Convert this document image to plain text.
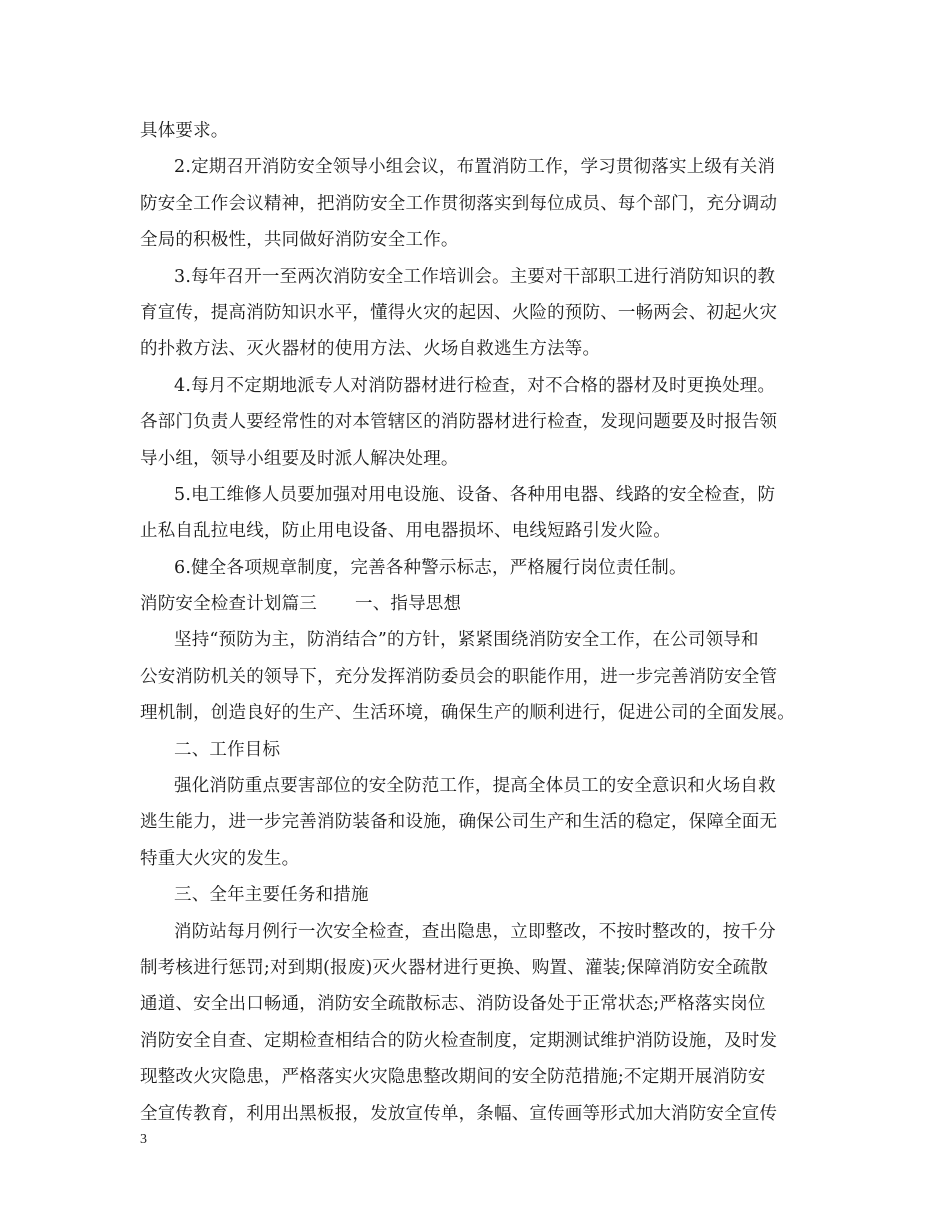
具体要求。
2.定期召开消防安全领导小组会议，布置消防工作，学习贯彻落实上级有关消
防安全工作会议精神，把消防安全工作贯彻落实到每位成员、每个部门，充分调动
全局的积极性，共同做好消防安全工作。
3.每年召开一至两次消防安全工作培训会。主要对干部职工进行消防知识的教
育宣传，提高消防知识水平，懂得火灾的起因、火险的预防、一畅两会、初起火灾
的扑救方法、灭火器材的使用方法、火场自救逃生方法等。
4.每月不定期地派专人对消防器材进行检查，对不合格的器材及时更换处理。
各部门负责人要经常性的对本管辖区的消防器材进行检查，发现问题要及时报告领
导小组，领导小组要及时派人解决处理。
5.电工维修人员要加强对用电设施、设备、各种用电器、线路的安全检查，防
止私自乱拉电线，防止用电设备、用电器损坏、电线短路引发火险。
6.健全各项规章制度，完善各种警示标志，严格履行岗位责任制。
消防安全检查计划篇三 一、指导思想
坚持“预防为主，防消结合”的方针，紧紧围绕消防安全工作，在公司领导和
公安消防机关的领导下，充分发挥消防委员会的职能作用，进一步完善消防安全管
理机制，创造良好的生产、生活环境，确保生产的顺利进行，促进公司的全面发展。
二、工作目标
强化消防重点要害部位的安全防范工作，提高全体员工的安全意识和火场自救
逃生能力，进一步完善消防装备和设施，确保公司生产和生活的稳定，保障全面无
特重大火灾的发生。
三、全年主要任务和措施
消防站每月例行一次安全检查，查出隐患，立即整改，不按时整改的，按千分
制考核进行惩罚;对到期(报废)灭火器材进行更换、购置、灌装;保障消防安全疏散
通道、安全出口畅通，消防安全疏散标志、消防设备处于正常状态;严格落实岗位
消防安全自查、定期检查相结合的防火检查制度，定期测试维护消防设施，及时发
现整改火灾隐患，严格落实火灾隐患整改期间的安全防范措施;不定期开展消防安
全宣传教育，利用出黑板报，发放宣传单，条幅、宣传画等形式加大消防安全宣传
3
